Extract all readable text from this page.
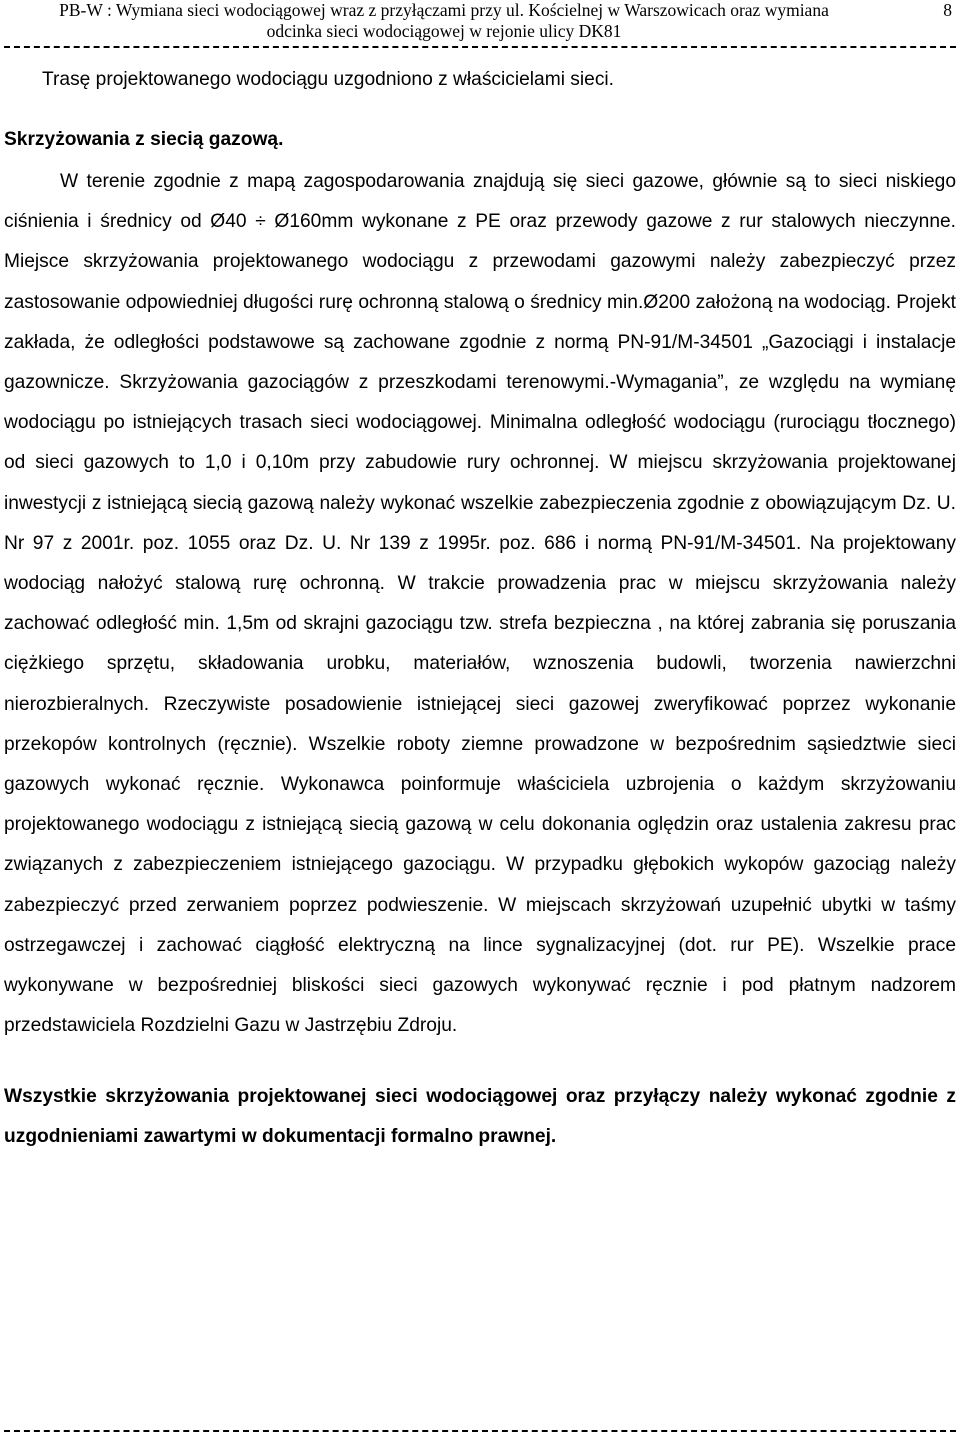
PB-W : Wymiana sieci wodociągowej wraz z przyłączami przy ul. Kościelnej w Warszowicach oraz wymiana
odcinka sieci wodociągowej w rejonie ulicy DK81
8

Trasę projektowanego wodociągu uzgodniono z właścicielami sieci.

Skrzyżowania z siecią gazową.

W terenie zgodnie z mapą zagospodarowania znajdują się sieci gazowe, głównie są to sieci niskiego ciśnienia i średnicy od Ø40 ÷ Ø160mm wykonane z PE oraz przewody gazowe z rur stalowych nieczynne. Miejsce skrzyżowania projektowanego wodociągu z przewodami gazowymi należy zabezpieczyć przez zastosowanie odpowiedniej długości rurę ochronną stalową o średnicy min.Ø200 założoną na wodociąg. Projekt zakłada, że odległości podstawowe są zachowane zgodnie z normą PN-91/M-34501 „Gazociągi i instalacje gazownicze. Skrzyżowania gazociągów z przeszkodami terenowymi.-Wymagania”, ze względu na wymianę wodociągu po istniejących trasach sieci wodociągowej. Minimalna odległość wodociągu (rurociągu tłocznego) od sieci gazowych to 1,0 i 0,10m przy zabudowie rury ochronnej. W miejscu skrzyżowania projektowanej inwestycji z istniejącą siecią gazową należy wykonać wszelkie zabezpieczenia zgodnie z obowiązującym Dz. U. Nr 97 z 2001r. poz. 1055 oraz Dz. U. Nr 139 z 1995r. poz. 686 i normą PN-91/M-34501. Na projektowany wodociąg nałożyć stalową rurę ochronną. W trakcie prowadzenia prac w miejscu skrzyżowania należy zachować odległość min. 1,5m od skrajni gazociągu tzw. strefa bezpieczna , na której zabrania się poruszania ciężkiego sprzętu, składowania urobku, materiałów, wznoszenia budowli, tworzenia nawierzchni nierozbieralnych. Rzeczywiste posadowienie istniejącej sieci gazowej zweryfikować poprzez wykonanie przekopów kontrolnych (ręcznie). Wszelkie roboty ziemne prowadzone w bezpośrednim sąsiedztwie sieci gazowych wykonać ręcznie. Wykonawca poinformuje właściciela uzbrojenia o każdym skrzyżowaniu projektowanego wodociągu z istniejącą siecią gazową w celu dokonania oględzin oraz ustalenia zakresu prac związanych z zabezpieczeniem istniejącego gazociągu. W przypadku głębokich wykopów gazociąg należy zabezpieczyć przed zerwaniem poprzez podwieszenie. W miejscach skrzyżowań uzupełnić ubytki w taśmy ostrzegawczej i zachować ciągłość elektryczną na lince sygnalizacyjnej (dot. rur PE). Wszelkie prace wykonywane w bezpośredniej bliskości sieci gazowych wykonywać ręcznie i pod płatnym nadzorem przedstawiciela Rozdzielni Gazu w Jastrzębiu Zdroju.

Wszystkie skrzyżowania projektowanej sieci wodociągowej oraz przyłączy należy wykonać zgodnie z uzgodnieniami zawartymi w dokumentacji formalno prawnej.
